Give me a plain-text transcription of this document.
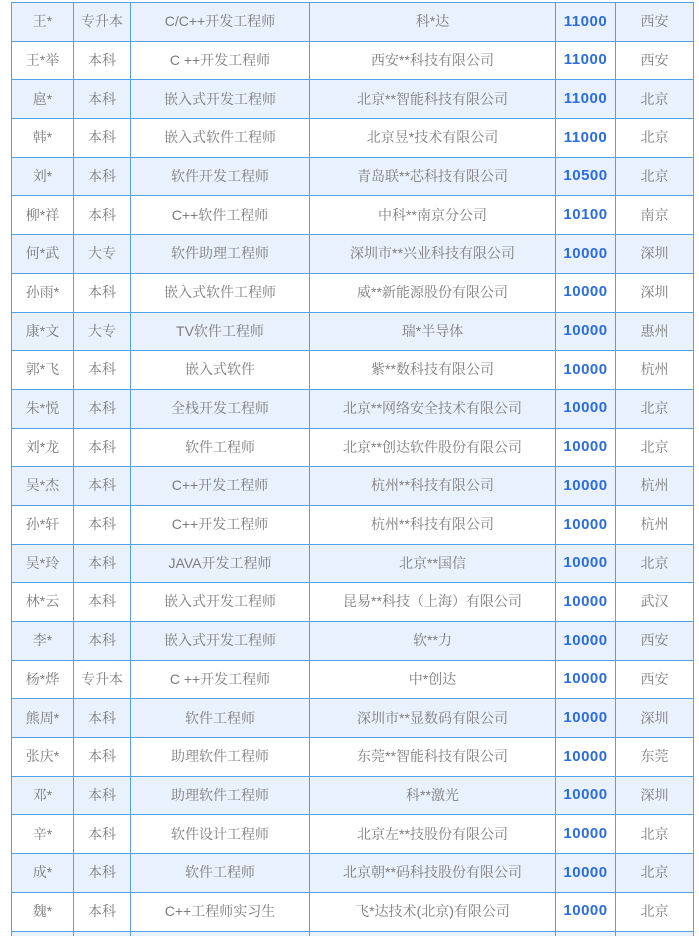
王*	专升本	C/C++开发工程师	科*达	11000	西安
王*举	本科	C ++开发工程师	西安**科技有限公司	11000	西安
扈*	本科	嵌入式开发工程师	北京**智能科技有限公司	11000	北京
韩*	本科	嵌入式软件工程师	北京昱*技术有限公司	11000	北京
刘*	本科	软件开发工程师	青岛联**芯科技有限公司	10500	北京
柳*祥	本科	C++软件工程师	中科**南京分公司	10100	南京
何*武	大专	软件助理工程师	深圳市**兴业科技有限公司	10000	深圳
孙雨*	本科	嵌入式软件工程师	威**新能源股份有限公司	10000	深圳
康*文	大专	TV软件工程师	瑞*半导体	10000	惠州
郭*飞	本科	嵌入式软件	紫**数科技有限公司	10000	杭州
朱*悦	本科	全栈开发工程师	北京**网络安全技术有限公司	10000	北京
刘*龙	本科	软件工程师	北京**创达软件股份有限公司	10000	北京
吴*杰	本科	C++开发工程师	杭州**科技有限公司	10000	杭州
孙*轩	本科	C++开发工程师	杭州**科技有限公司	10000	杭州
吴*玲	本科	JAVA开发工程师	北京**国信	10000	北京
林*云	本科	嵌入式开发工程师	昆易**科技（上海）有限公司	10000	武汉
李*	本科	嵌入式开发工程师	软**力	10000	西安
杨*烨	专升本	C ++开发工程师	中*创达	10000	西安
熊周*	本科	软件工程师	深圳市**显数码有限公司	10000	深圳
张庆*	本科	助理软件工程师	东莞**智能科技有限公司	10000	东莞
邓*	本科	助理软件工程师	科**激光	10000	深圳
辛*	本科	软件设计工程师	北京左**技股份有限公司	10000	北京
成*	本科	软件工程师	北京朝**码科技股份有限公司	10000	北京
魏*	本科	C++工程师实习生	飞*达技术(北京)有限公司	10000	北京
